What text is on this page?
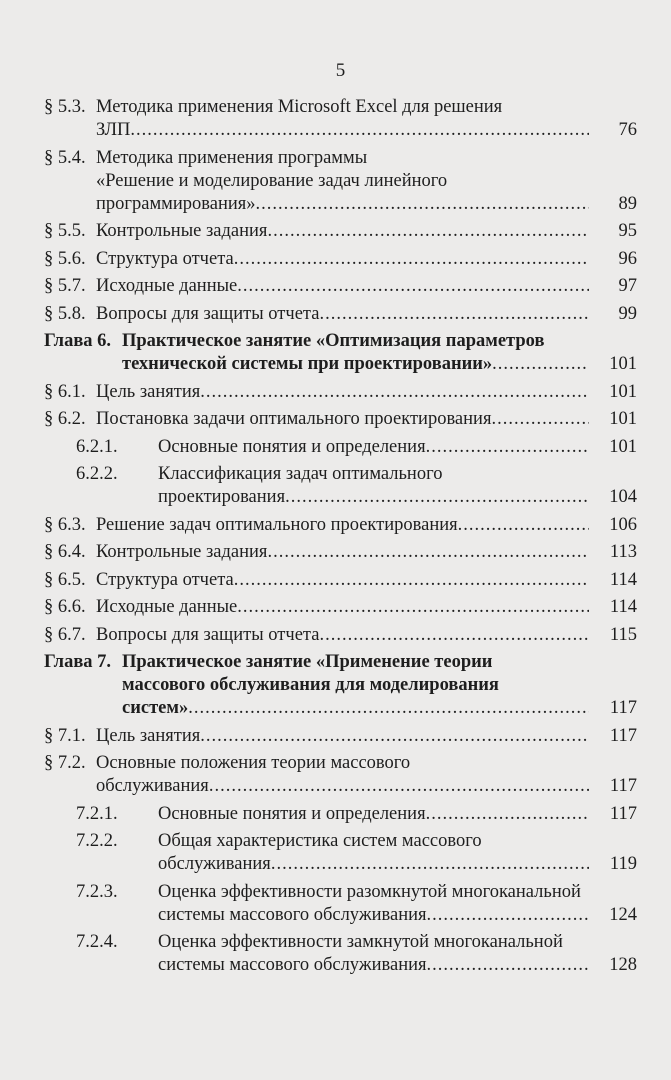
5
§ 5.3. Методика применения Microsoft Excel для решения
ЗЛП .....	76
§ 5.4. Методика применения программы
«Решение и моделирование задач линейного
программирования» .....	89
§ 5.5. Контрольные задания .....	95
§ 5.6. Структура отчета .....	96
§ 5.7. Исходные данные .....	97
§ 5.8. Вопросы для защиты отчета .....	99
Глава 6. Практическое занятие «Оптимизация параметров
технической системы при проектировании» .....	101
§ 6.1. Цель занятия .....	101
§ 6.2. Постановка задачи оптимального проектирования .....	101
6.2.1.	Основные понятия и определения .....	101
6.2.2.	Классификация задач оптимального
проектирования .....	104
§ 6.3. Решение задач оптимального проектирования .....	106
§ 6.4. Контрольные задания .....	113
§ 6.5. Структура отчета .....	114
§ 6.6. Исходные данные .....	114
§ 6.7. Вопросы для защиты отчета .....	115
Глава 7. Практическое занятие «Применение теории
массового обслуживания для моделирования
систем» .....	117
§ 7.1. Цель занятия .....	117
§ 7.2. Основные положения теории массового
обслуживания .....	117
7.2.1.	Основные понятия и определения .....	117
7.2.2.	Общая характеристика систем массового
обслуживания .....	119
7.2.3.	Оценка эффективности разомкнутой многоканальной
системы массового обслуживания .....	124
7.2.4.	Оценка эффективности замкнутой многоканальной
системы массового обслуживания .....	128
